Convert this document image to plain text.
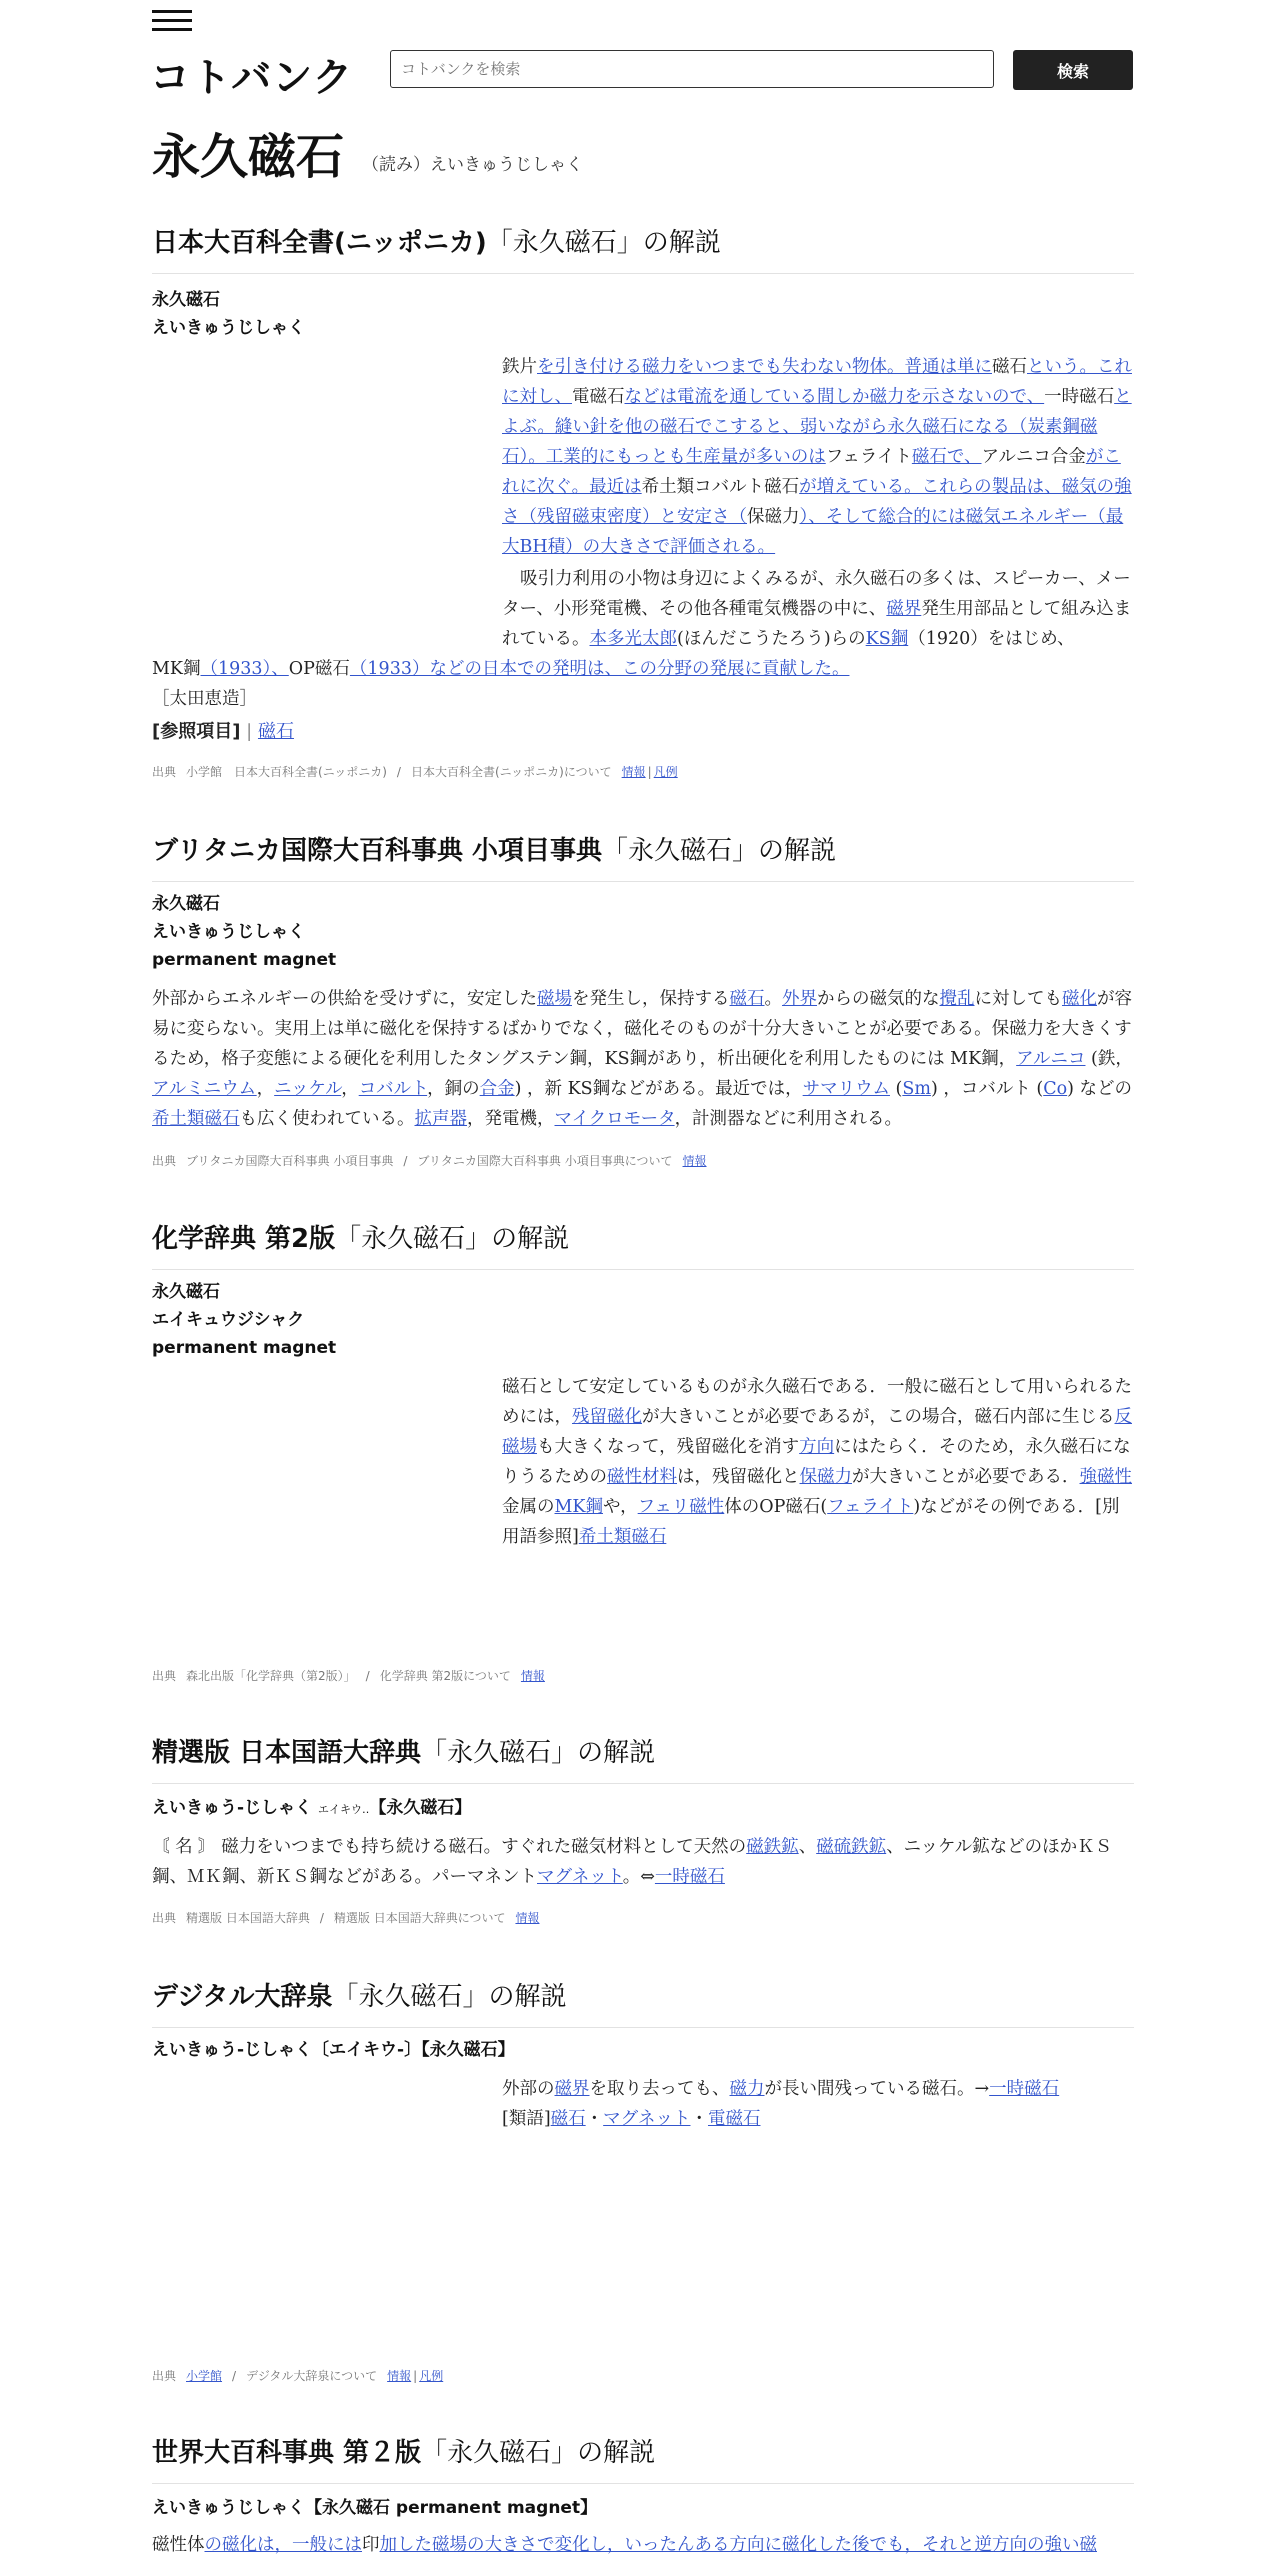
コトバンク
コトバンクを検索	検索
永久磁石 （読み）えいきゅうじしゃく
日本大百科全書(ニッポニカ)「永久磁石」の解説
永久磁石
えいきゅうじしゃく
鉄片を引き付ける磁力をいつまでも失わない物体。普通は単に磁石という。これに対し、電磁石などは電流を通している間しか磁力を示さないので、一時磁石とよぶ。縫い針を他の磁石でこすると、弱いながら永久磁石になる（炭素鋼磁石）。工業的にもっとも生産量が多いのはフェライト磁石で、アルニコ合金がこれに次ぐ。最近は希土類コバルト磁石が増えている。これらの製品は、磁気の強さ（残留磁束密度）と安定さ（保磁力）、そして総合的には磁気エネルギー（最大BH積）の大きさで評価される。
吸引力利用の小物は身辺によくみるが、永久磁石の多くは、スピーカー、メーター、小形発電機、その他各種電気機器の中に、磁界発生用部品として組み込まれている。本多光太郎(ほんだこうたろう)らのKS鋼（1920）をはじめ、
MK鋼（1933）、OP磁石（1933）などの日本での発明は、この分野の発展に貢献した。
［太田恵造］
[参照項目] | 磁石
出典 小学館　日本大百科全書(ニッポニカ) / 日本大百科全書(ニッポニカ)について 情報 | 凡例
ブリタニカ国際大百科事典 小項目事典「永久磁石」の解説
永久磁石
えいきゅうじしゃく
permanent magnet
外部からエネルギーの供給を受けずに，安定した磁場を発生し，保持する磁石。外界からの磁気的な攪乱に対しても磁化が容易に変らない。実用上は単に磁化を保持するばかりでなく，磁化そのものが十分大きいことが必要である。保磁力を大きくするため，格子変態による硬化を利用したタングステン鋼，KS鋼があり，析出硬化を利用したものには MK鋼，アルニコ (鉄，アルミニウム，ニッケル，コバルト，銅の合金) ，新 KS鋼などがある。最近では，サマリウム (Sm) ，コバルト (Co) などの希土類磁石も広く使われている。拡声器，発電機，マイクロモータ，計測器などに利用される。
出典 ブリタニカ国際大百科事典 小項目事典 / ブリタニカ国際大百科事典 小項目事典について 情報
化学辞典 第2版「永久磁石」の解説
永久磁石
エイキュウジシャク
permanent magnet
磁石として安定しているものが永久磁石である．一般に磁石として用いられるためには，残留磁化が大きいことが必要であるが，この場合，磁石内部に生じる反磁場も大きくなって，残留磁化を消す方向にはたらく．そのため，永久磁石になりうるための磁性材料は，残留磁化と保磁力が大きいことが必要である．強磁性金属のMK鋼や，フェリ磁性体のOP磁石(フェライト)などがその例である．[別用語参照]希土類磁石
出典 森北出版「化学辞典（第2版）」 / 化学辞典 第2版について 情報
精選版 日本国語大辞典「永久磁石」の解説
えいきゅう‐じしゃく エイキウ‥【永久磁石】
〘 名 〙 磁力をいつまでも持ち続ける磁石。すぐれた磁気材料として天然の磁鉄鉱、磁硫鉄鉱、ニッケル鉱などのほかＫＳ鋼、ＭＫ鋼、新ＫＳ鋼などがある。パーマネントマグネット。⇔一時磁石
出典 精選版 日本国語大辞典 / 精選版 日本国語大辞典について 情報
デジタル大辞泉「永久磁石」の解説
えいきゅう‐じしゃく〔エイキウ‐〕【永久磁石】
外部の磁界を取り去っても、磁力が長い間残っている磁石。→一時磁石
[類語]磁石・マグネット・電磁石
出典 小学館 / デジタル大辞泉について 情報 | 凡例
世界大百科事典 第２版「永久磁石」の解説
えいきゅうじしゃく【永久磁石 permanent magnet】
磁性体の磁化は，一般には印加した磁場の大きさで変化し，いったんある方向に磁化した後でも，それと逆方向の強い磁
